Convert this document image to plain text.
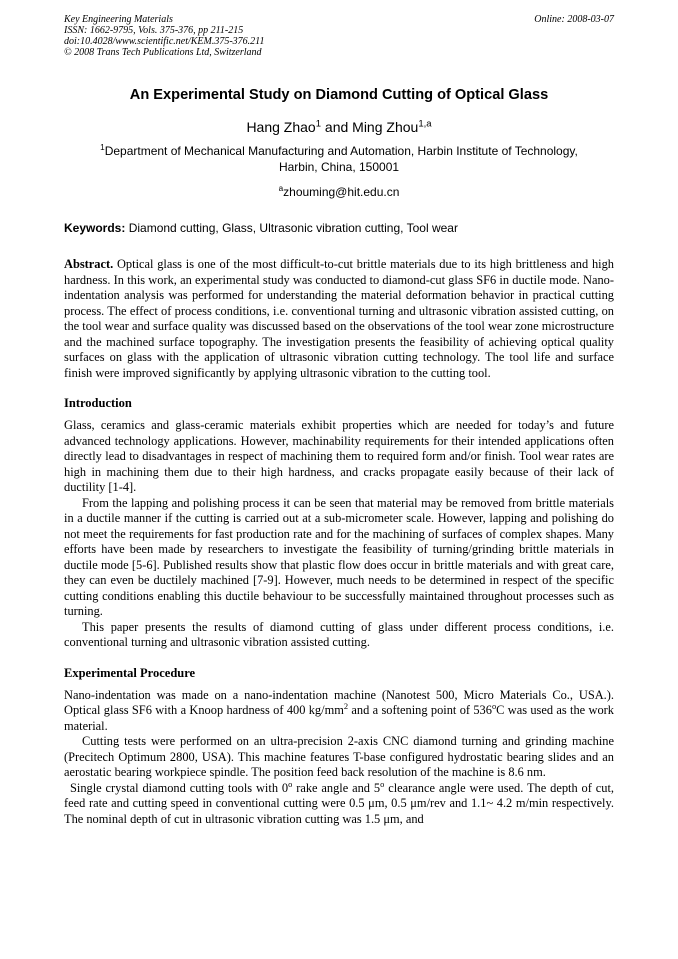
Key Engineering Materials
ISSN: 1662-9795, Vols. 375-376, pp 211-215
doi:10.4028/www.scientific.net/KEM.375-376.211
© 2008 Trans Tech Publications Ltd, Switzerland
Online: 2008-03-07
An Experimental Study on Diamond Cutting of Optical Glass
Hang Zhao$^1$ and Ming Zhou$^{1,a}$
$^1$Department of Mechanical Manufacturing and Automation, Harbin Institute of Technology,
Harbin, China, 150001
$^a$zhouming@hit.edu.cn
Keywords: Diamond cutting, Glass, Ultrasonic vibration cutting, Tool wear
Abstract. Optical glass is one of the most difficult-to-cut brittle materials due to its high brittleness and high hardness. In this work, an experimental study was conducted to diamond-cut glass SF6 in ductile mode. Nano-indentation analysis was performed for understanding the material deformation behavior in practical cutting process. The effect of process conditions, i.e. conventional turning and ultrasonic vibration assisted cutting, on the tool wear and surface quality was discussed based on the observations of the tool wear zone microstructure and the machined surface topography. The investigation presents the feasibility of achieving optical quality surfaces on glass with the application of ultrasonic vibration cutting technology. The tool life and surface finish were improved significantly by applying ultrasonic vibration to the cutting tool.
Introduction

Glass, ceramics and glass-ceramic materials exhibit properties which are needed for today’s and future advanced technology applications. However, machinability requirements for their intended applications often directly lead to disadvantages in respect of machining them to required form and/or finish. Tool wear rates are high in machining them due to their high hardness, and cracks propagate easily because of their lack of ductility [1-4].

From the lapping and polishing process it can be seen that material may be removed from brittle materials in a ductile manner if the cutting is carried out at a sub-micrometer scale. However, lapping and polishing do not meet the requirements for fast production rate and for the machining of surfaces of complex shapes. Many efforts have been made by researchers to investigate the feasibility of turning/grinding brittle materials in ductile mode [5-6]. Published results show that plastic flow does occur in brittle materials and with great care, they can even be ductilely machined [7-9]. However, much needs to be determined in respect of the specific cutting conditions enabling this ductile behaviour to be successfully maintained throughout processes such as turning.

This paper presents the results of diamond cutting of glass under different process conditions, i.e. conventional turning and ultrasonic vibration assisted cutting.

Experimental Procedure

Nano-indentation was made on a nano-indentation machine (Nanotest 500, Micro Materials Co., USA.). Optical glass SF6 with a Knoop hardness of 400 $kg/mm^2$ and a softening point of 536$^o$C was used as the work material.

Cutting tests were performed on an ultra-precision 2-axis CNC diamond turning and grinding machine (Precitech Optimum 2800, USA). This machine features T-base configured hydrostatic bearing slides and an aerostatic bearing workpiece spindle. The position feed back resolution of the machine is 8.6 nm.

Single crystal diamond cutting tools with 0$^o$ rake angle and 5$^o$ clearance angle were used. The depth of cut, feed rate and cutting speed in conventional cutting were 0.5 μm, 0.5 μm/rev and 1.1~ 4.2 m/min respectively. The nominal depth of cut in ultrasonic vibration cutting was 1.5 μm, and
